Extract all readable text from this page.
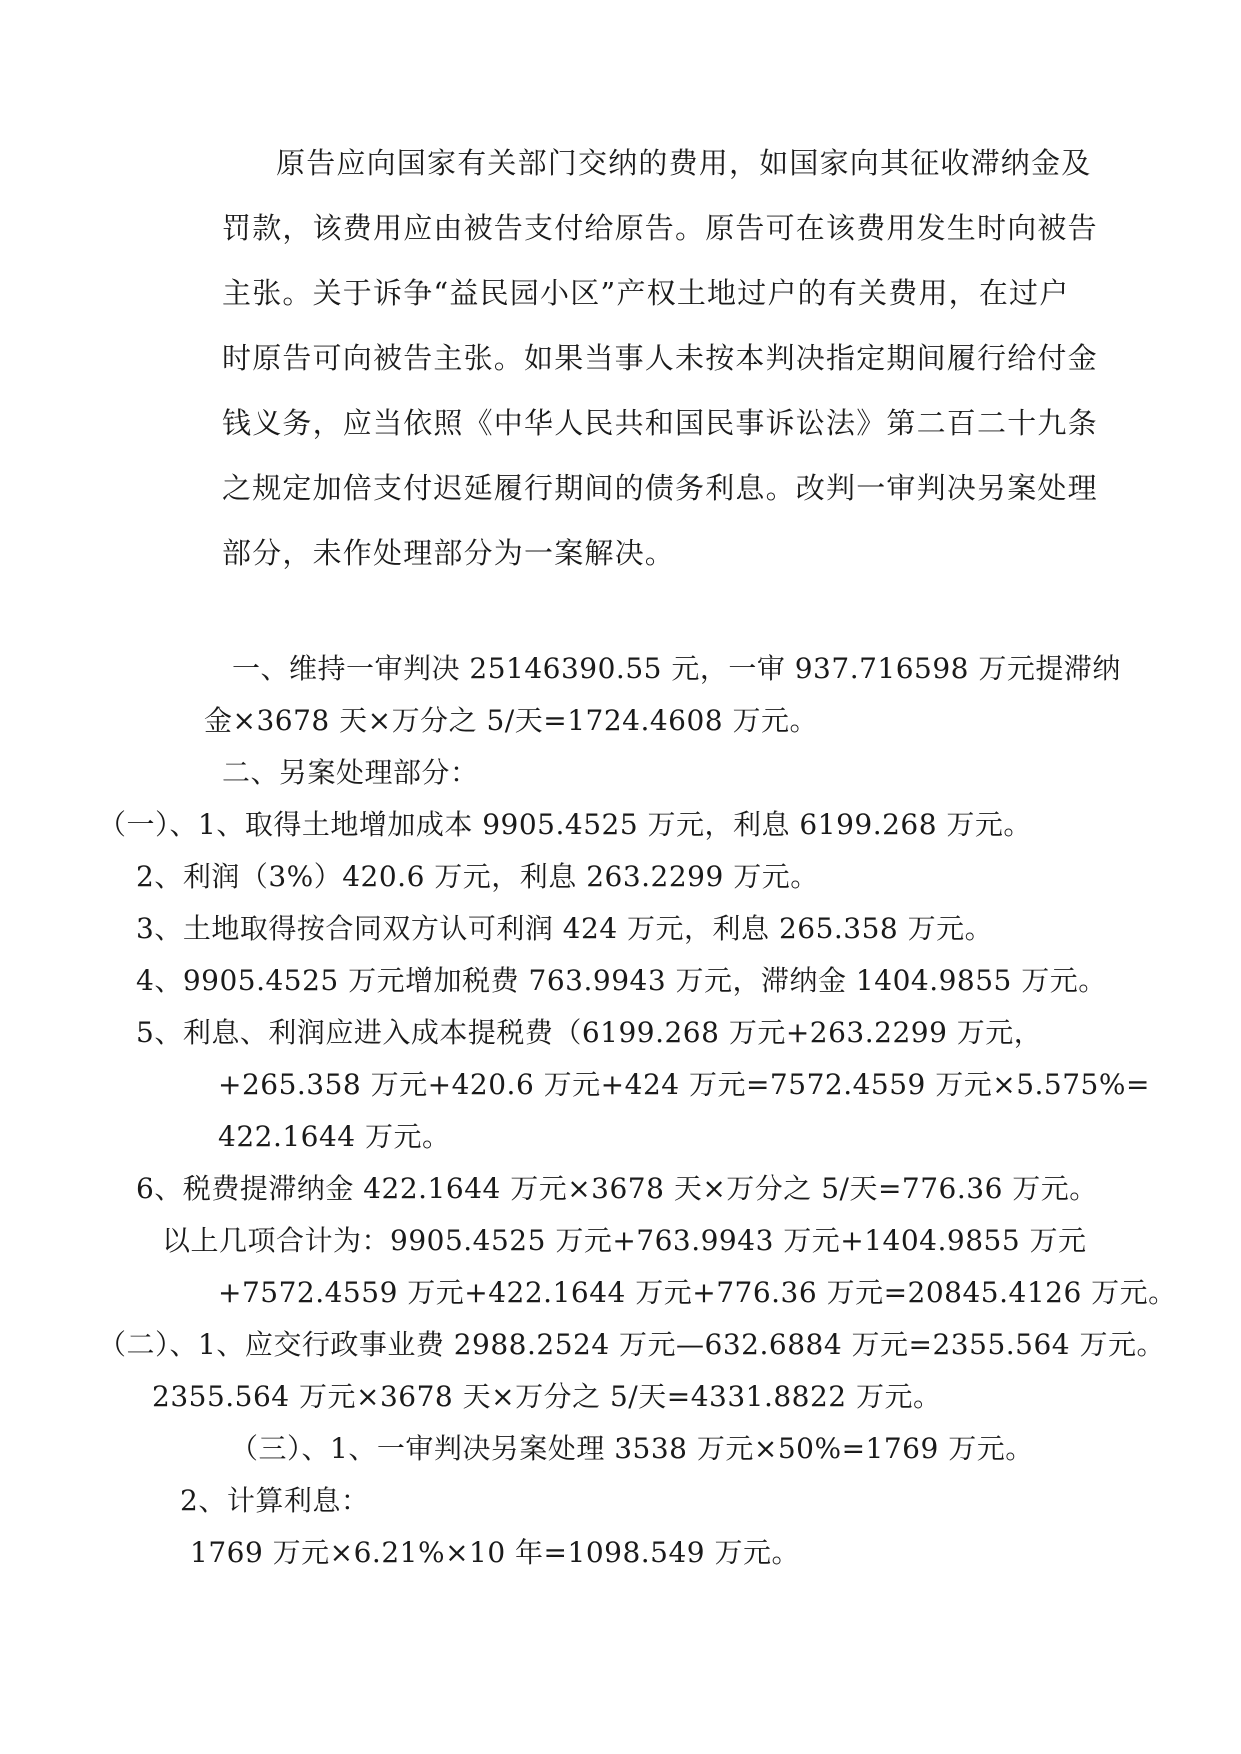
原告应向国家有关部门交纳的费用，如国家向其征收滞纳金及
罚款，该费用应由被告支付给原告。原告可在该费用发生时向被告
主张。关于诉争“益民园小区”产权土地过户的有关费用，在过户
时原告可向被告主张。如果当事人未按本判决指定期间履行给付金
钱义务，应当依照《中华人民共和国民事诉讼法》第二百二十九条
之规定加倍支付迟延履行期间的债务利息。改判一审判决另案处理
部分，未作处理部分为一案解决。
一、维持一审判决 25146390.55 元，一审 937.716598 万元提滞纳
金×3678 天×万分之 5/天=1724.4608 万元。
二、另案处理部分：
（一）、1、取得土地增加成本 9905.4525 万元，利息 6199.268 万元。
2、利润（3%）420.6 万元，利息 263.2299 万元。
3、土地取得按合同双方认可利润 424 万元，利息 265.358 万元。
4、9905.4525 万元增加税费 763.9943 万元，滞纳金 1404.9855 万元。
5、利息、利润应进入成本提税费（6199.268 万元+263.2299 万元，
+265.358 万元+420.6 万元+424 万元=7572.4559 万元×5.575%=
422.1644 万元。
6、税费提滞纳金 422.1644 万元×3678 天×万分之 5/天=776.36 万元。
以上几项合计为：9905.4525 万元+763.9943 万元+1404.9855 万元
+7572.4559 万元+422.1644 万元+776.36 万元=20845.4126 万元。
（二）、1、应交行政事业费 2988.2524 万元—632.6884 万元=2355.564 万元。
2355.564 万元×3678 天×万分之 5/天=4331.8822 万元。
（三）、1、一审判决另案处理 3538 万元×50%=1769 万元。
2、计算利息：
1769 万元×6.21%×10 年=1098.549 万元。
